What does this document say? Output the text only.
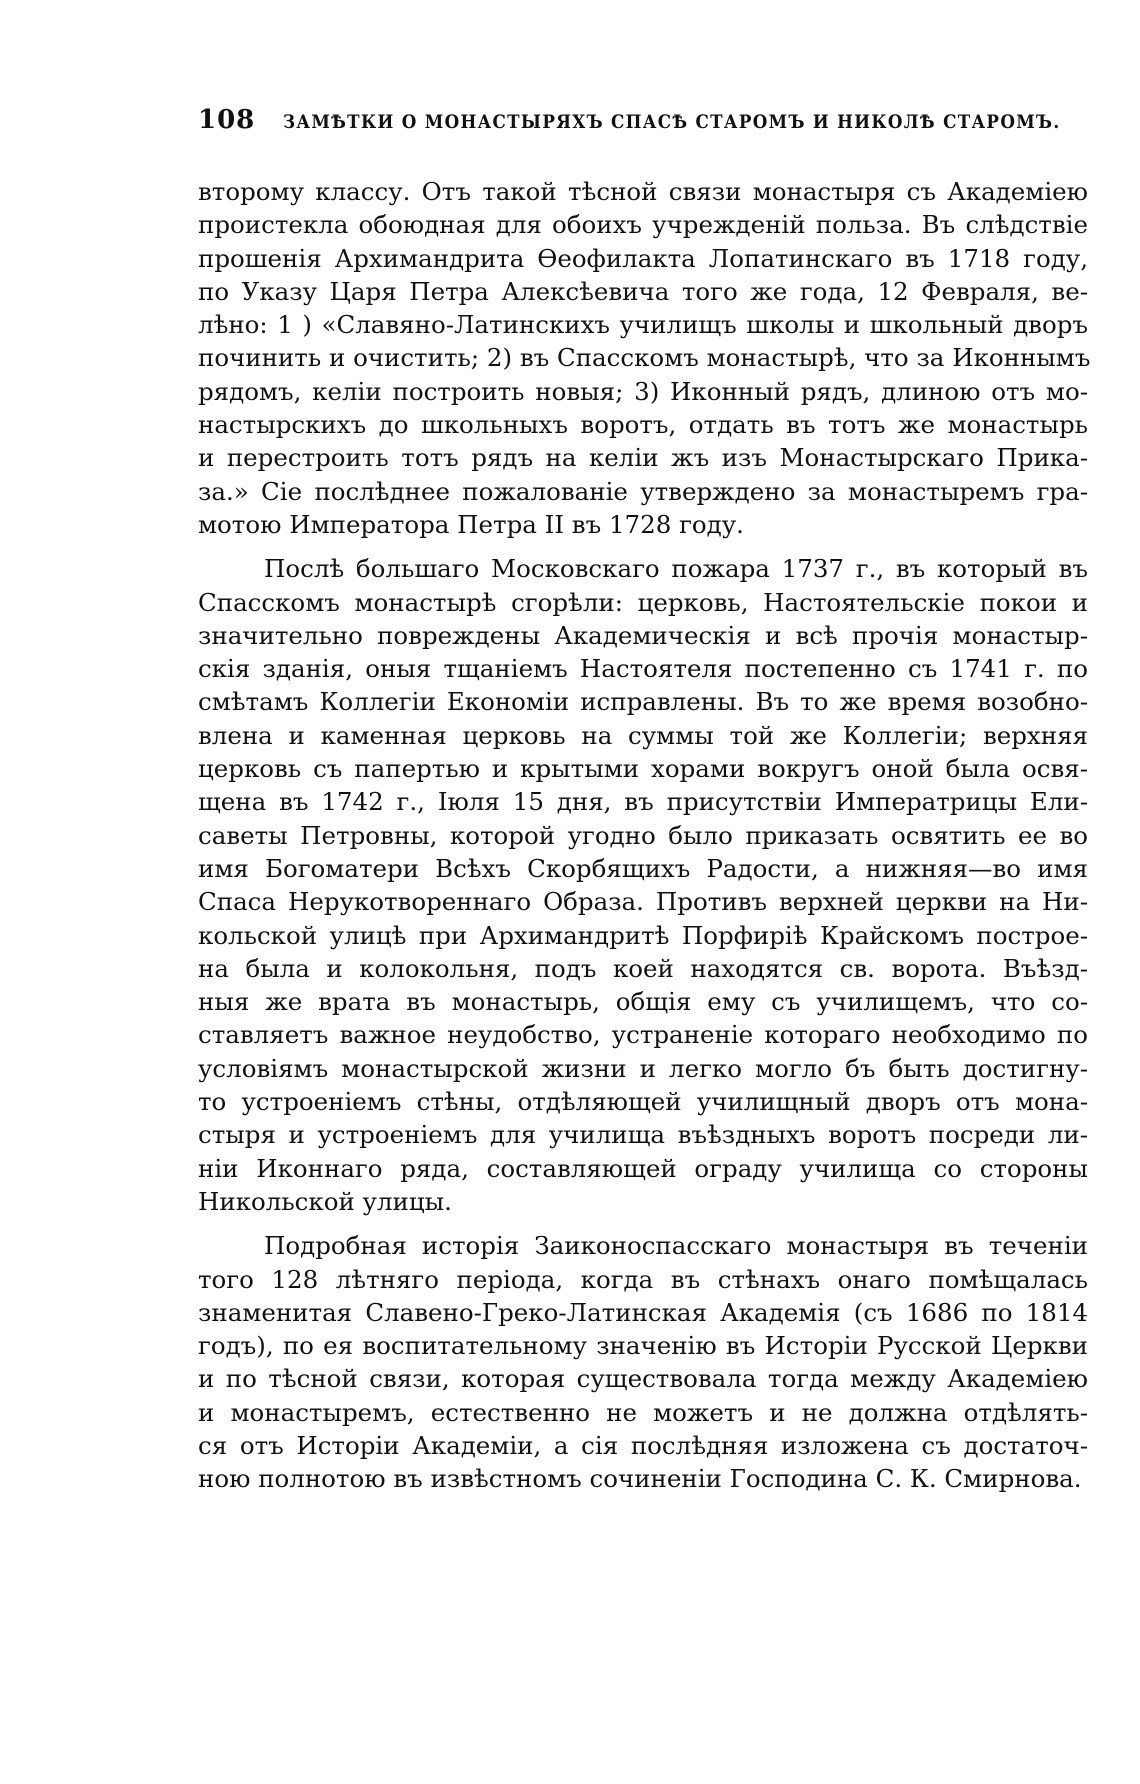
108 ЗАМѢТКИ О МОНАСТЫРЯХЪ СПАСѢ СТАРОМЪ И НИКОЛѢ СТАРОМЪ.
второму классу. Отъ такой тѣсной связи монастыря съ Академіею
проистекла обоюдная для обоихъ учрежденій польза. Въ слѣдствіе
прошенія Архимандрита Ѳеофилакта Лопатинскаго въ 1718 году,
по Указу Царя Петра Алексѣевича того же года, 12 Февраля, ве-
лѣно: 1 ) «Славяно-Латинскихъ училищъ школы и школьный дворъ
починить и очистить; 2) въ Спасскомъ монастырѣ, что за Иконнымъ
рядомъ, келіи построить новыя; 3) Иконный рядъ, длиною отъ мо-
настырскихъ до школьныхъ воротъ, отдать въ тотъ же монастырь
и перестроить тотъ рядъ на келіи жъ изъ Монастырскаго Прика-
за.» Сіе послѣднее пожалованіе утверждено за монастыремъ гра-
мотою Императора Петра II въ 1728 году.
Послѣ большаго Московскаго пожара 1737 г., въ который въ
Спасскомъ монастырѣ сгорѣли: церковь, Настоятельскіе покои и
значительно повреждены Академическія и всѣ прочія монастыр-
скія зданія, оныя тщаніемъ Настоятеля постепенно съ 1741 г. по
смѣтамъ Коллегіи Економіи исправлены. Въ то же время возобно-
влена и каменная церковь на суммы той же Коллегіи; верхняя
церковь съ папертью и крытыми хорами вокругъ оной была освя-
щена въ 1742 г., Іюля 15 дня, въ присутствіи Императрицы Ели-
саветы Петровны, которой угодно было приказать освятить ее во
имя Богоматери Всѣхъ Скорбящихъ Радости, а нижняя—во имя
Спаса Нерукотвореннаго Образа. Противъ верхней церкви на Ни-
кольской улицѣ при Архимандритѣ Порфиріѣ Крайскомъ построе-
на была и колокольня, подъ коей находятся св. ворота. Въѣзд-
ныя же врата въ монастырь, общія ему съ училищемъ, что со-
ставляетъ важное неудобство, устраненіе котораго необходимо по
условіямъ монастырской жизни и легко могло бъ быть достигну-
то устроеніемъ стѣны, отдѣляющей училищный дворъ отъ мона-
стыря и устроеніемъ для училища въѣздныхъ воротъ посреди ли-
ніи Иконнаго ряда, составляющей ограду училища со стороны
Никольской улицы.
Подробная исторія Заиконоспасскаго монастыря въ теченіи
того 128 лѣтняго періода, когда въ стѣнахъ онаго помѣщалась
знаменитая Славено-Греко-Латинская Академія (съ 1686 по 1814
годъ), по ея воспитательному значенію въ Исторіи Русской Церкви
и по тѣсной связи, которая существовала тогда между Академіею
и монастыремъ, естественно не можетъ и не должна отдѣлять-
ся отъ Исторіи Академіи, а сія послѣдняя изложена съ достаточ-
ною полнотою въ извѣстномъ сочиненіи Господина С. К. Смирнова.
